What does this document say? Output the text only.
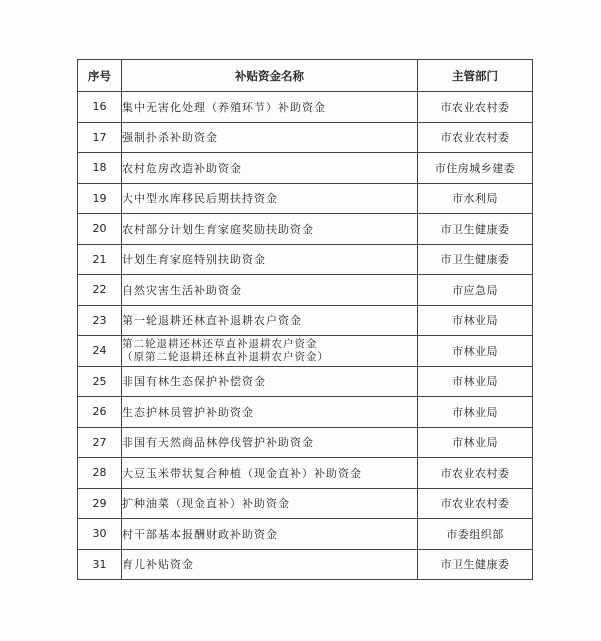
序号	补贴资金名称	主管部门
16	集中无害化处理（养殖环节）补助资金	市农业农村委
17	强制扑杀补助资金	市农业农村委
18	农村危房改造补助资金	市住房城乡建委
19	大中型水库移民后期扶持资金	市水利局
20	农村部分计划生育家庭奖励扶助资金	市卫生健康委
21	计划生育家庭特别扶助资金	市卫生健康委
22	自然灾害生活补助资金	市应急局
23	第一轮退耕还林直补退耕农户资金	市林业局
24	第二轮退耕还林还草直补退耕农户资金
（原第二轮退耕还林直补退耕农户资金）	市林业局
25	非国有林生态保护补偿资金	市林业局
26	生态护林员管护补助资金	市林业局
27	非国有天然商品林停伐管护补助资金	市林业局
28	大豆玉米带状复合种植（现金直补）补助资金	市农业农村委
29	扩种油菜（现金直补）补助资金	市农业农村委
30	村干部基本报酬财政补助资金	市委组织部
31	育儿补贴资金	市卫生健康委
